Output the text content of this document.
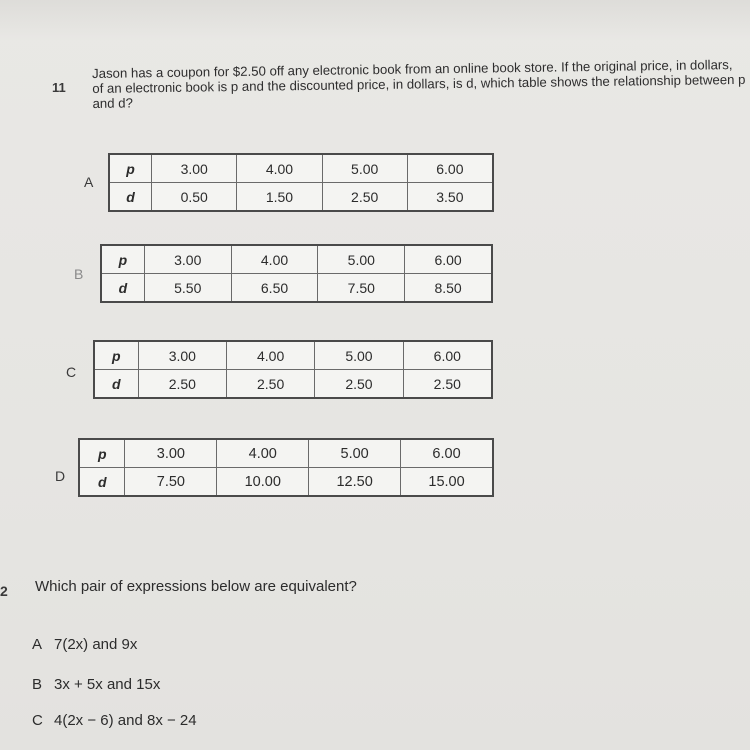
11
Jason has a coupon for $2.50 off any electronic book from an online book store. If the original price, in dollars, of an electronic book is p and the discounted price, in dollars, is d, which table shows the relationship between p and d?
A
p	3.00	4.00	5.00	6.00
d	0.50	1.50	2.50	3.50
B
p	3.00	4.00	5.00	6.00
d	5.50	6.50	7.50	8.50
C
p	3.00	4.00	5.00	6.00
d	2.50	2.50	2.50	2.50
D
p	3.00	4.00	5.00	6.00
d	7.50	10.00	12.50	15.00
2 Which pair of expressions below are equivalent?
A 7(2x) and 9x
B 3x + 5x and 15x
C 4(2x − 6) and 8x − 24
